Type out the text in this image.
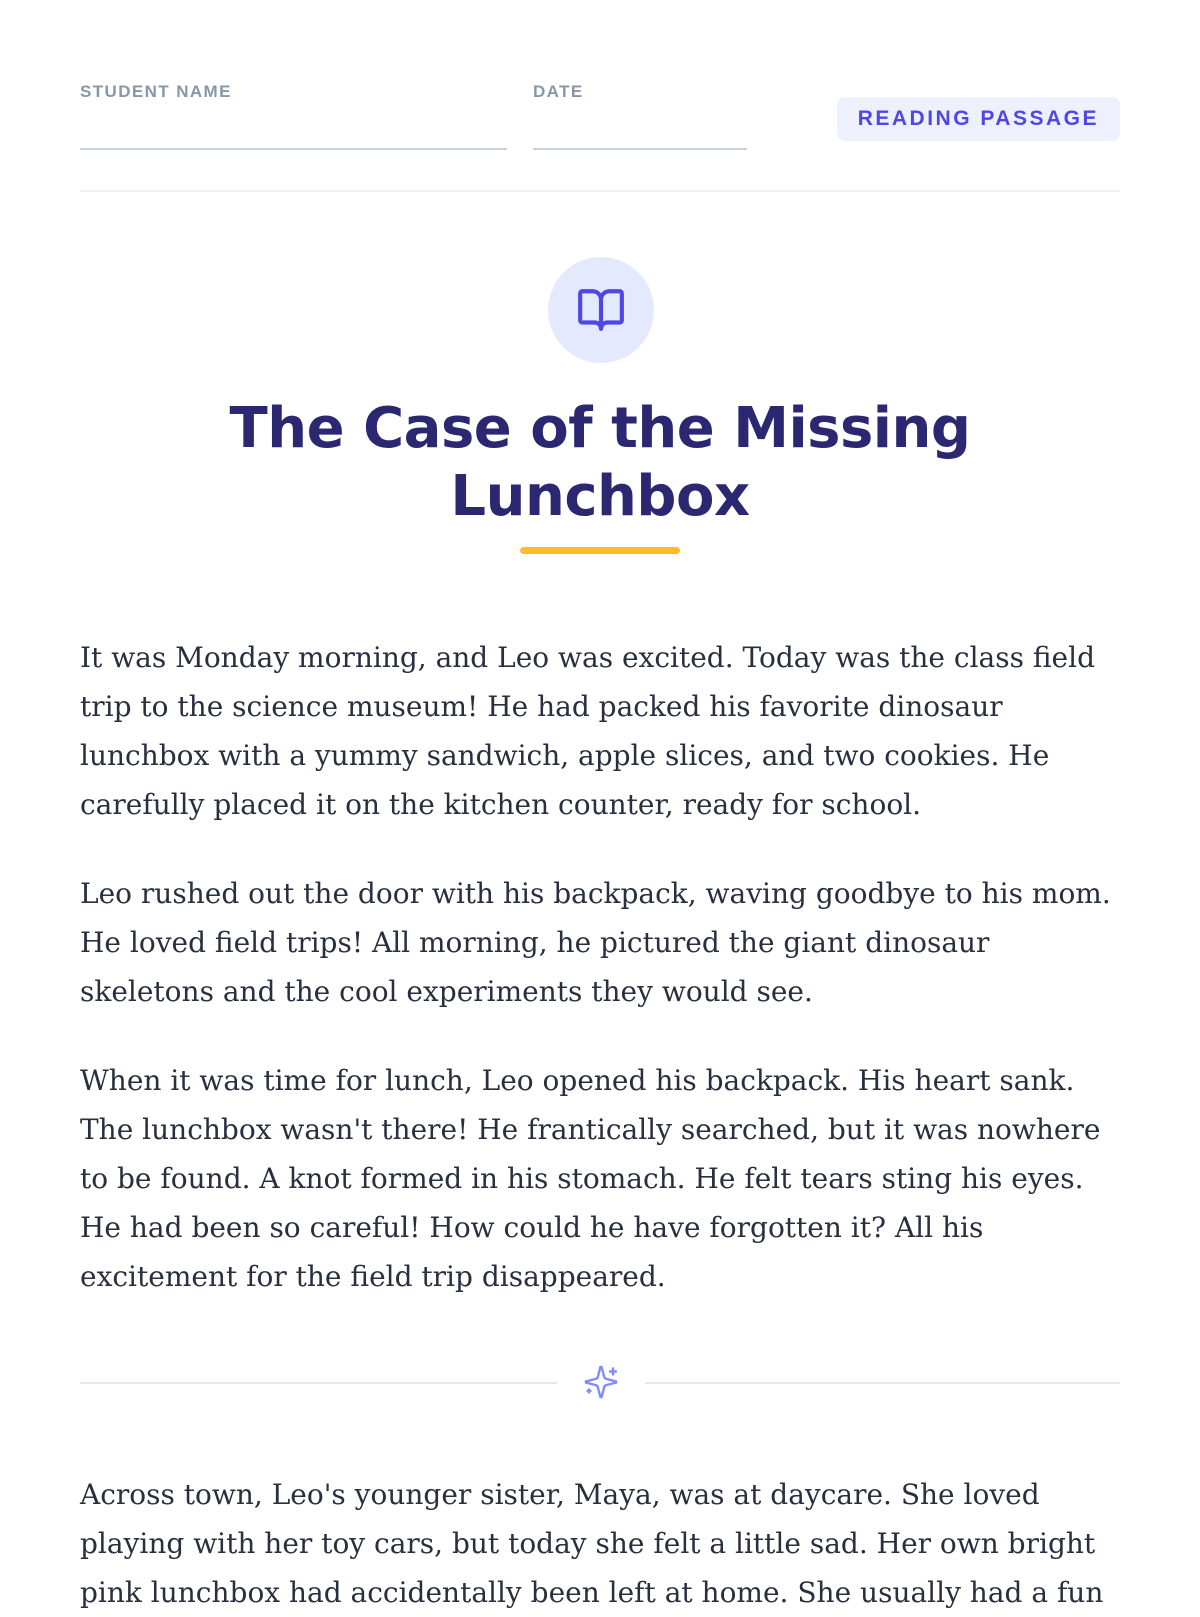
STUDENT NAME	DATE
READING PASSAGE
The Case of the Missing
Lunchbox

It was Monday morning, and Leo was excited. Today was the class field trip to the science museum! He had packed his favorite dinosaur lunchbox with a yummy sandwich, apple slices, and two cookies. He carefully placed it on the kitchen counter, ready for school.

Leo rushed out the door with his backpack, waving goodbye to his mom. He loved field trips! All morning, he pictured the giant dinosaur skeletons and the cool experiments they would see.

When it was time for lunch, Leo opened his backpack. His heart sank. The lunchbox wasn't there! He frantically searched, but it was nowhere to be found. A knot formed in his stomach. He felt tears sting his eyes. He had been so careful! How could he have forgotten it? All his excitement for the field trip disappeared.

Across town, Leo's younger sister, Maya, was at daycare. She loved playing with her toy cars, but today she felt a little sad. Her own bright pink lunchbox had accidentally been left at home. She usually had a fun
